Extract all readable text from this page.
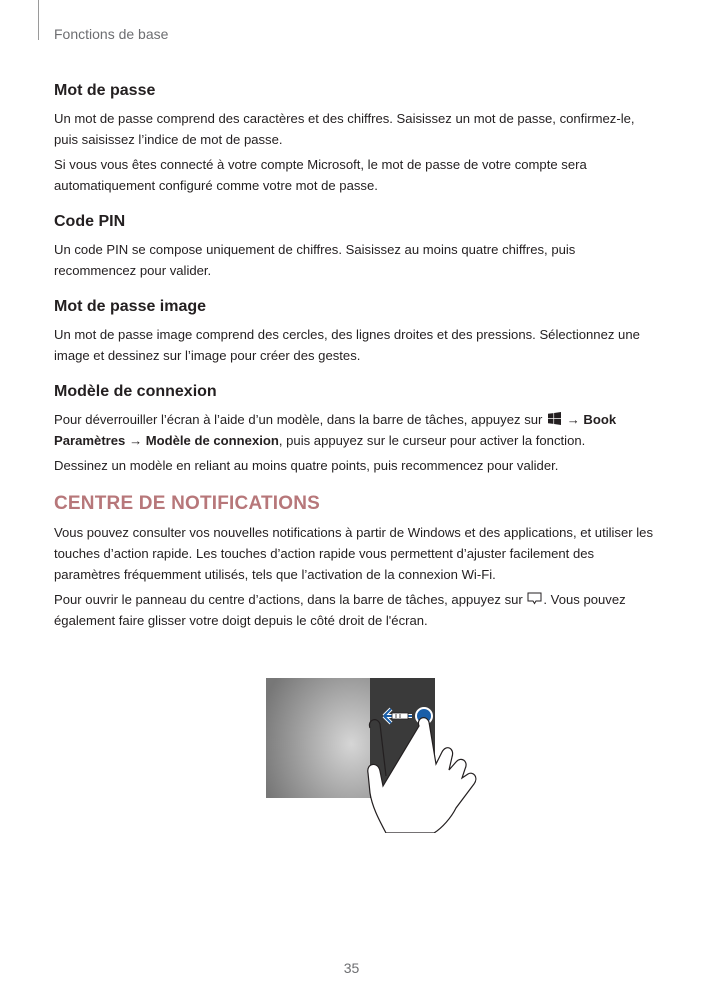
Fonctions de base
Mot de passe

Un mot de passe comprend des caractères et des chiffres. Saisissez un mot de passe, confirmez-le, puis saisissez l’indice de mot de passe.

Si vous vous êtes connecté à votre compte Microsoft, le mot de passe de votre compte sera automatiquement configuré comme votre mot de passe.

Code PIN

Un code PIN se compose uniquement de chiffres. Saisissez au moins quatre chiffres, puis recommencez pour valider.

Mot de passe image

Un mot de passe image comprend des cercles, des lignes droites et des pressions. Sélectionnez une image et dessinez sur l’image pour créer des gestes.

Modèle de connexion

Pour déverrouiller l’écran à l’aide d’un modèle, dans la barre de tâches, appuyez sur  → Book Paramètres → Modèle de connexion, puis appuyez sur le curseur pour activer la fonction.

Dessinez un modèle en reliant au moins quatre points, puis recommencez pour valider.

CENTRE DE NOTIFICATIONS

Vous pouvez consulter vos nouvelles notifications à partir de Windows et des applications, et utiliser les touches d’action rapide. Les touches d’action rapide vous permettent d’ajuster facilement des paramètres fréquemment utilisés, tels que l’activation de la connexion Wi-Fi.

Pour ouvrir le panneau du centre d’actions, dans la barre de tâches, appuyez sur . Vous pouvez également faire glisser votre doigt depuis le côté droit de l'écran.

35
